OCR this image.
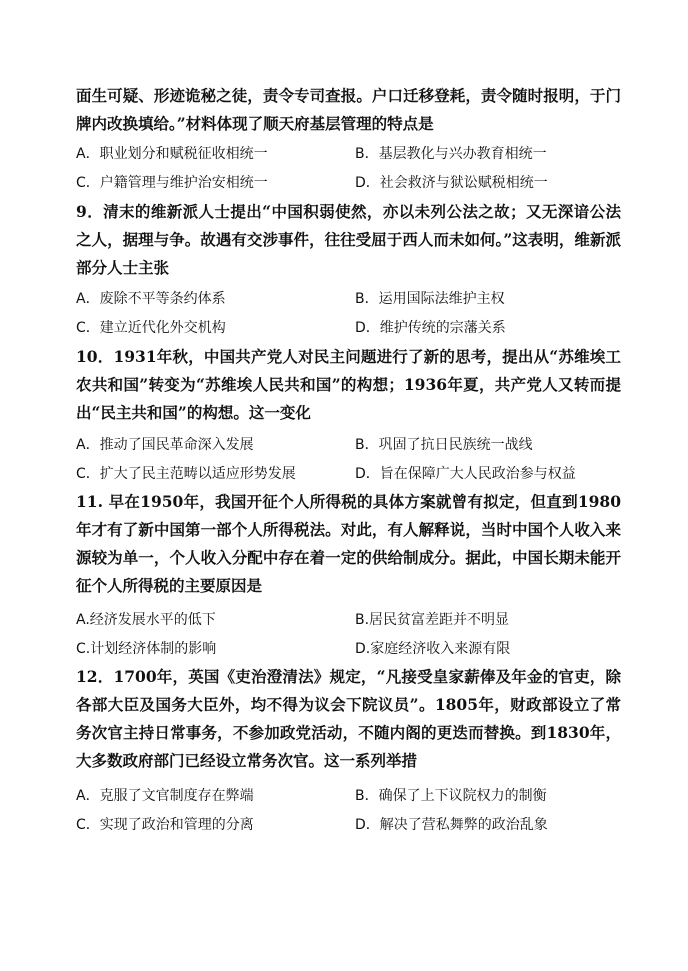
面生可疑、形迹诡秘之徒，责令专司查报。户口迁移登耗，责令随时报明，于门牌内改换填给。”材料体现了顺天府基层管理的特点是
A．职业划分和赋税征收相统一	B．基层教化与兴办教育相统一
C．户籍管理与维护治安相统一	D．社会救济与狱讼赋税相统一
9．清末的维新派人士提出“中国积弱使然，亦以未列公法之故；又无深谙公法之人，据理与争。故遇有交涉事件，往往受屈于西人而未如何。”这表明，维新派部分人士主张
A．废除不平等条约体系	B．运用国际法维护主权
C．建立近代化外交机构	D．维护传统的宗藩关系
10．1931年秋，中国共产党人对民主问题进行了新的思考，提出从“苏维埃工农共和国”转变为“苏维埃人民共和国”的构想；1936年夏，共产党人又转而提出“民主共和国”的构想。这一变化
A．推动了国民革命深入发展	B．巩固了抗日民族统一战线
C．扩大了民主范畴以适应形势发展	D．旨在保障广大人民政治参与权益
11. 早在1950年，我国开征个人所得税的具体方案就曾有拟定，但直到1980年才有了新中国第一部个人所得税法。对此，有人解释说，当时中国个人收入来源较为单一，个人收入分配中存在着一定的供给制成分。据此，中国长期未能开征个人所得税的主要原因是
A.经济发展水平的低下	B.居民贫富差距并不明显
C.计划经济体制的影响	D.家庭经济收入来源有限
12．1700年，英国《吏治澄清法》规定，“凡接受皇家薪俸及年金的官吏，除各部大臣及国务大臣外，均不得为议会下院议员”。1805年，财政部设立了常务次官主持日常事务，不参加政党活动，不随内阁的更迭而替换。到1830年，大多数政府部门已经设立常务次官。这一系列举措
A．克服了文官制度存在弊端	B．确保了上下议院权力的制衡
C．实现了政治和管理的分离	D．解决了营私舞弊的政治乱象
